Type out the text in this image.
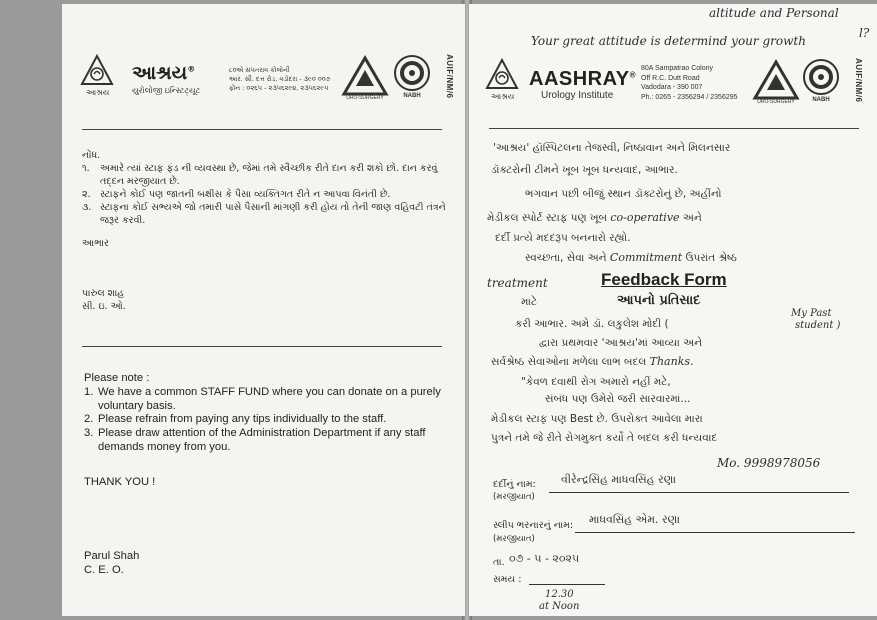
આશ્રય
આશ્રય®
યુરોલોજી ઇન્સ્ટિટ્યૂટ
૮૦એ સંપતરાવ કોલોની
આર. સી. દત્ત રોડ, વડોદરા - ૩૯૦ ૦૦૭
ફોન : ૦૨૬૫ - ૨૩૫૬૨૯૪, ૨૩૫૬૨૯૫
URO-SURGERY	NABH	AUIF/NM/6
નોંધ.
૧. અમારે ત્યાં સ્ટાફ ફંડ ની વ્યવસ્થા છે, જેમાં તમે સ્વૈચ્છીક રીતે દાન કરી શકો છો. દાન કરવું તદ્દન મરજીયાત છે.
૨. સ્ટાફને કોઈ પણ જાતની બક્ષીસ કે પૈસા વ્યક્તિગત રીતે ન આપવા વિનંતી છે.
૩. સ્ટાફના કોઈ સભ્યએ જો તમારી પાસે પૈસાની માંગણી કરી હોય તો તેની જાણ વહિવટી તંત્રને જરૂર કરવી.
આભાર
પારુલ શાહ
સી. ઇ. ઓ.
Please note :
1. We have a common STAFF FUND where you can donate on a purely voluntary basis.
2. Please refrain from paying any tips individually to the staff.
3. Please draw attention of the Administration Department if any staff demands money from you.
THANK YOU !
Parul Shah
C. E. O.
altitude and Personal
l?
Your great attitude is determind your growth
આશ્રય
AASHRAY®
Urology Institute
80A Sampatrao Colony
Off R.C. Dutt Road
Vadodara - 390 007
Ph.: 0265 - 2356294 / 2356295
URO-SURGERY	NABH	AUIF/NM/6
'આશ્રય' હૉસ્પિટલના તેજસ્વી, નિષ્ઠાવાન અને મિલનસાર
ડૉક્ટરોની ટીમને ખૂબ ખૂબ ધન્યવાદ, આભાર.
ભગવાન પછી બીજું સ્થાન ડૉક્ટરોનું છે, અહીંનો
મેડીકલ સ્પોર્ટ સ્ટાફ પણ ખૂબ co-operative અને
દર્દી પ્રત્યે મદદરૂપ બનનારો રહ્યો.
સ્વચ્છતા, સેવા અને Commitment ઉપરાંત શ્રેષ્ઠ
treatment
માટે
Feedback Form
આપનો પ્રતિસાદ
કરી આભાર. અમે ડૉ. લકુલેશ મોદી (
My Past
student )
દ્વારા પ્રથમવાર 'આશ્રય'માં આવ્યા અને
સર્વશ્રેષ્ઠ સેવાઓના મળેલા લાભ બદલ Thanks.
"કેવળ દવાથી રોગ અમારો નહીં મટે,
સંબંધ પણ ઉમેરો જરી સારવારમાં...
મેડીકલ સ્ટાફ પણ Best છે. ઉપરોક્ત આવેલા મારા
પુત્રને તમે જે રીતે રોગમુક્ત કર્યો તે બદલ કરી ધન્યવાદ
Mo. 9998978056
દર્દીનું નામ:
(મરજીયાત)
વીરેન્દ્રસિંહ માધવસિંહ રણા
સ્લીપ ભરનારનું નામ:
(મરજીયાત)
માધવસિંહ એમ. રણા
તા. ૦૭ - ૫ - ૨૦૨૫
સમય :
12.30
at Noon
